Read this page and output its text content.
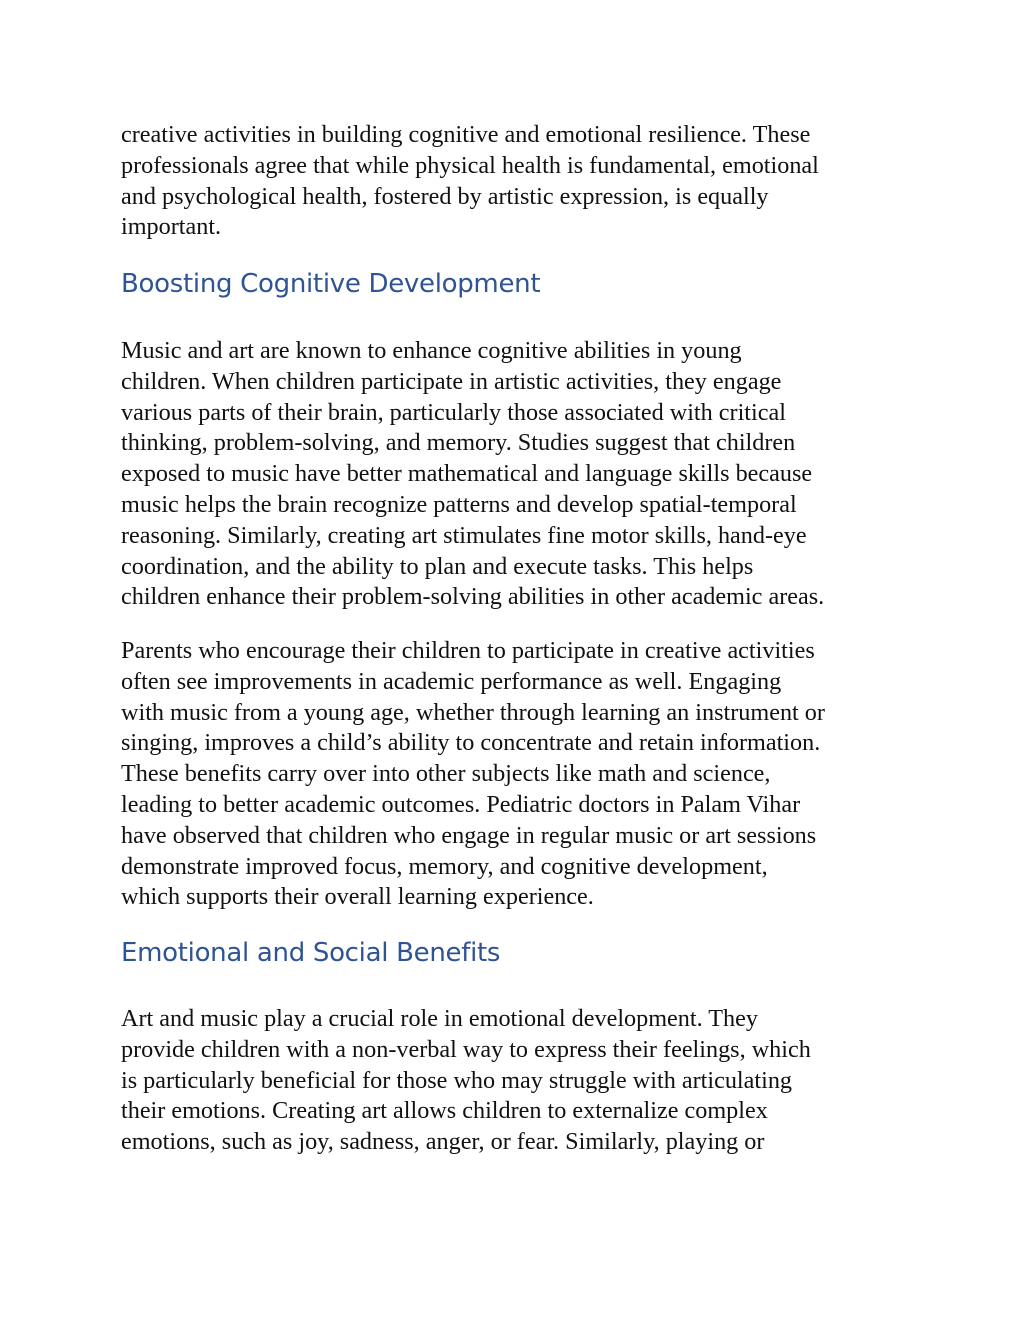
creative activities in building cognitive and emotional resilience. These
professionals agree that while physical health is fundamental, emotional
and psychological health, fostered by artistic expression, is equally
important.
Boosting Cognitive Development
Music and art are known to enhance cognitive abilities in young
children. When children participate in artistic activities, they engage
various parts of their brain, particularly those associated with critical
thinking, problem-solving, and memory. Studies suggest that children
exposed to music have better mathematical and language skills because
music helps the brain recognize patterns and develop spatial-temporal
reasoning. Similarly, creating art stimulates fine motor skills, hand-eye
coordination, and the ability to plan and execute tasks. This helps
children enhance their problem-solving abilities in other academic areas.
Parents who encourage their children to participate in creative activities
often see improvements in academic performance as well. Engaging
with music from a young age, whether through learning an instrument or
singing, improves a child’s ability to concentrate and retain information.
These benefits carry over into other subjects like math and science,
leading to better academic outcomes. Pediatric doctors in Palam Vihar
have observed that children who engage in regular music or art sessions
demonstrate improved focus, memory, and cognitive development,
which supports their overall learning experience.
Emotional and Social Benefits
Art and music play a crucial role in emotional development. They
provide children with a non-verbal way to express their feelings, which
is particularly beneficial for those who may struggle with articulating
their emotions. Creating art allows children to externalize complex
emotions, such as joy, sadness, anger, or fear. Similarly, playing or
